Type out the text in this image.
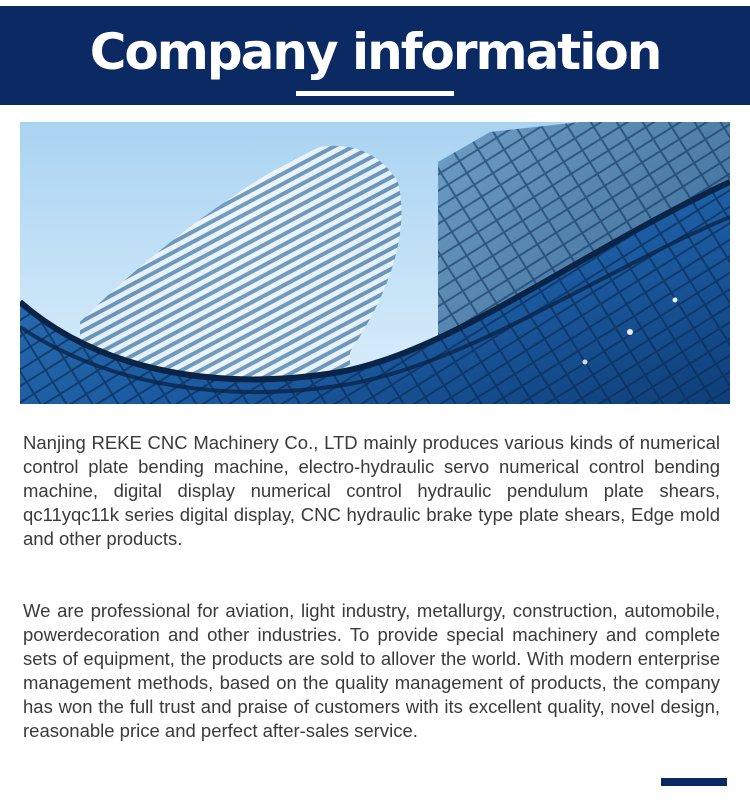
Company information

Nanjing REKE CNC Machinery Co., LTD mainly produces various kinds of numerical control plate bending machine, electro-hydraulic servo numerical control bending machine, digital display numerical control hydraulic pendulum plate shears, qc11yqc11k series digital display, CNC hydraulic brake type plate shears, Edge mold and other products.

We are professional for aviation, light industry, metallurgy, construction, automobile, powerdecoration and other industries. To provide special machinery and complete sets of equipment, the products are sold to allover the world. With modern enterprise management methods, based on the quality management of products, the company has won the full trust and praise of customers with its excellent quality, novel design, reasonable price and perfect after-sales service.
